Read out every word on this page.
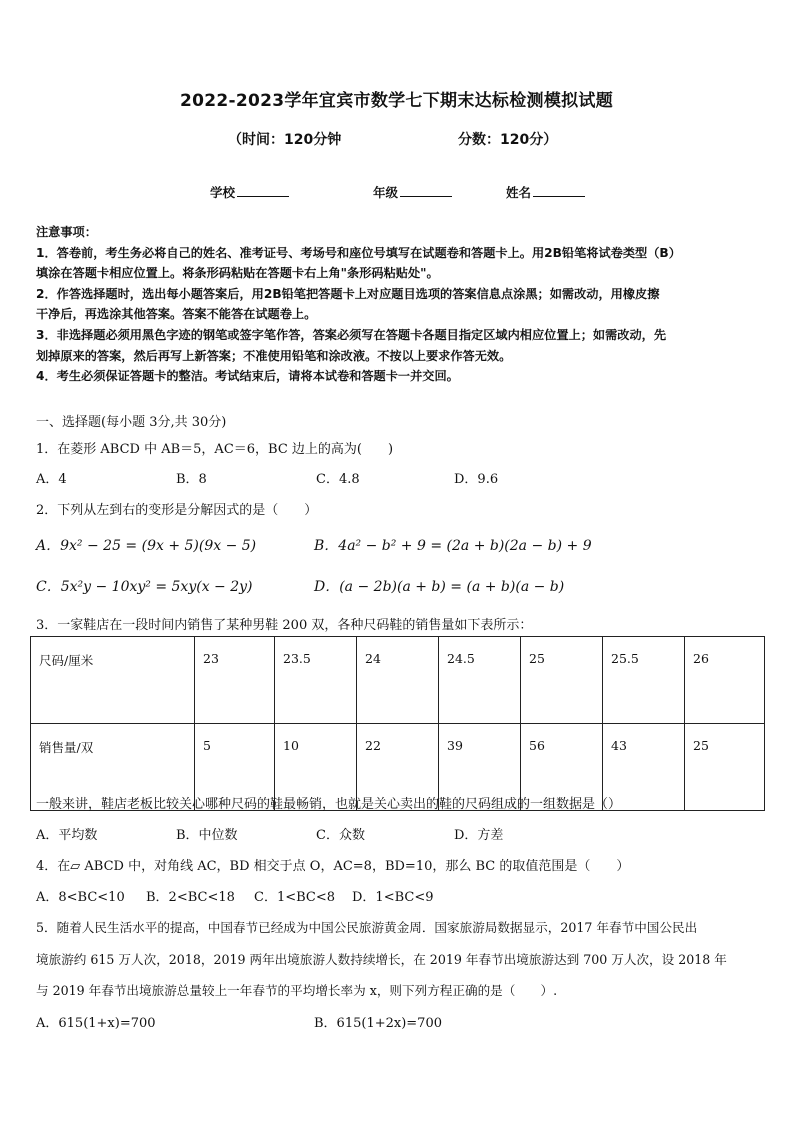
2022-2023学年宜宾市数学七下期末达标检测模拟试题
（时间：120分钟	分数：120分）
学校	年级	姓名
注意事项：
1．答卷前，考生务必将自己的姓名、准考证号、考场号和座位号填写在试题卷和答题卡上。用2B铅笔将试卷类型（B）
填涂在答题卡相应位置上。将条形码粘贴在答题卡右上角"条形码粘贴处"。
2．作答选择题时，选出每小题答案后，用2B铅笔把答题卡上对应题目选项的答案信息点涂黑；如需改动，用橡皮擦
干净后，再选涂其他答案。答案不能答在试题卷上。
3．非选择题必须用黑色字迹的钢笔或签字笔作答，答案必须写在答题卡各题目指定区域内相应位置上；如需改动，先
划掉原来的答案，然后再写上新答案；不准使用铅笔和涂改液。不按以上要求作答无效。
4．考生必须保证答题卡的整洁。考试结束后，请将本试卷和答题卡一并交回。
一、选择题(每小题 3分,共 30分)
1．在菱形 ABCD 中 AB＝5，AC＝6，BC 边上的高为(　　)
A．4	B．8	C．4.8	D．9.6
2．下列从左到右的变形是分解因式的是（　　）
A．9x² − 25 = (9x + 5)(9x − 5)	B．4a² − b² + 9 = (2a + b)(2a − b) + 9
C．5x²y − 10xy² = 5xy(x − 2y)	D．(a − 2b)(a + b) = (a + b)(a − b)
3．一家鞋店在一段时间内销售了某种男鞋 200 双，各种尺码鞋的销售量如下表所示：
尺码/厘米	23	23.5	24	24.5	25	25.5	26
销售量/双	5	10	22	39	56	43	25
一般来讲，鞋店老板比较关心哪种尺码的鞋最畅销，也就是关心卖出的鞋的尺码组成的一组数据是（）
A．平均数	B．中位数	C．众数	D．方差
4．在▱ ABCD 中，对角线 AC，BD 相交于点 O，AC=8，BD=10，那么 BC 的取值范围是（　　）
A．8<BC<10 B．2<BC<18 C．1<BC<8 D．1<BC<9
5．随着人民生活水平的提高，中国春节已经成为中国公民旅游黄金周．国家旅游局数据显示，2017 年春节中国公民出
境旅游约 615 万人次，2018，2019 两年出境旅游人数持续增长，在 2019 年春节出境旅游达到 700 万人次，设 2018 年
与 2019 年春节出境旅游总量较上一年春节的平均增长率为 x，则下列方程正确的是（　　）.
A．615(1+x)=700	B．615(1+2x)=700
